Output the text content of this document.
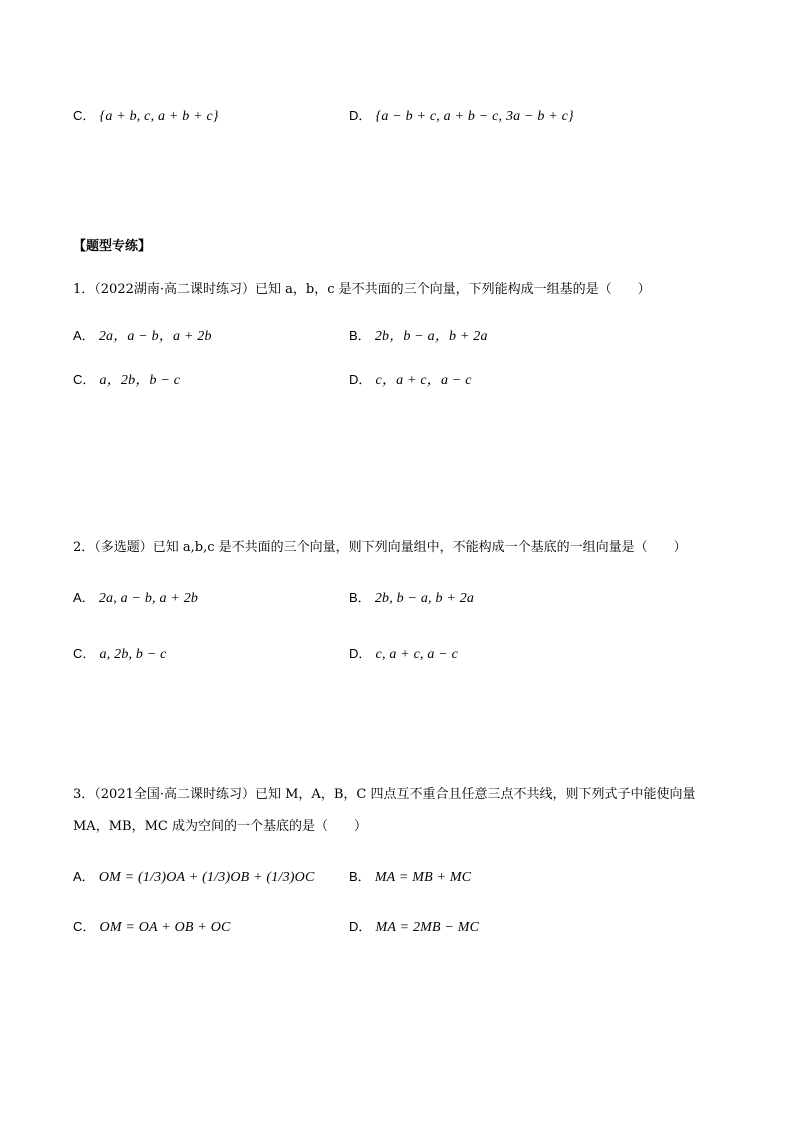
C． {a + b, c, a + b + c}	D． {a − b + c, a + b − c, 3a − b + c}
【题型专练】
1．（2022湖南·高二课时练习）已知 a，b，c 是不共面的三个向量，下列能构成一组基的是（　　）
A． 2a，a − b，a + 2b	B． 2b，b − a，b + 2a
C． a，2b，b − c	D． c，a + c，a − c
2．（多选题）已知 a,b,c 是不共面的三个向量，则下列向量组中，不能构成一个基底的一组向量是（　　）
A． 2a, a − b, a + 2b	B． 2b, b − a, b + 2a
C． a, 2b, b − c	D． c, a + c, a − c
3．（2021全国·高二课时练习）已知 M，A，B，C 四点互不重合且任意三点不共线，则下列式子中能使向量
MA，MB，MC 成为空间的一个基底的是（　　）
A． OM = (1/3)OA + (1/3)OB + (1/3)OC	B． MA = MB + MC
C． OM = OA + OB + OC	D． MA = 2MB − MC
